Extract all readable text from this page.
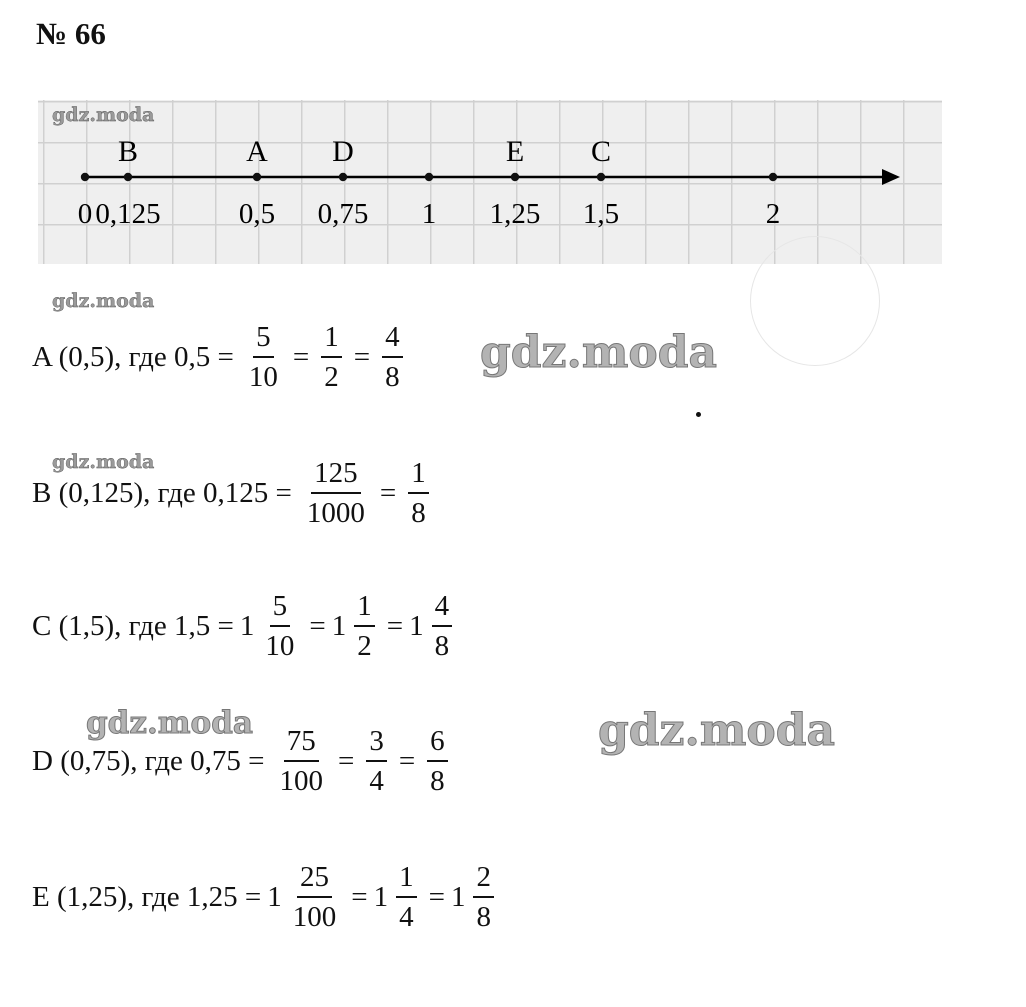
№ 66
0
B
0,125
A
0,5
D
0,75 1
E
1,25
C
1,5	2
gdz.moda
gdz.moda
gdz.moda
gdz.moda
gdz.moda
gdz.moda
A (0,5), где $0,5 = \frac{5}{10} = \frac{1}{2} = \frac{4}{8}$
B (0,125), где $0,125 = \frac{125}{1000} = \frac{1}{8}$
C (1,5), где $1,5 = 1 \frac{5}{10} = 1 \frac{1}{2} = 1 \frac{4}{8}$
D (0,75), где $0,75 = \frac{75}{100} = \frac{3}{4} = \frac{6}{8}$
E (1,25), где $1,25 = 1 \frac{25}{100} = 1 \frac{1}{4} = 1 \frac{2}{8}$
